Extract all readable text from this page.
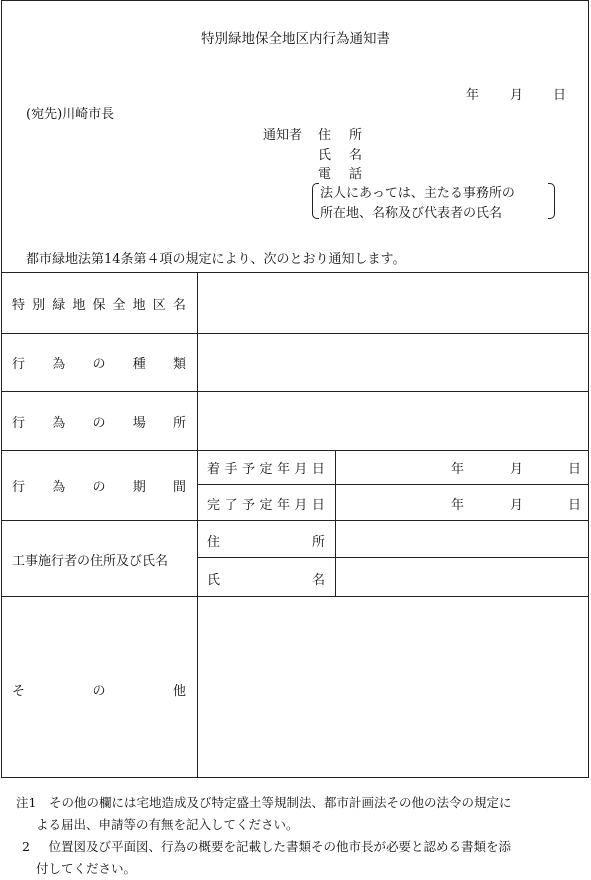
特別緑地保全地区内行為通知書
年 月 日
(宛先)川崎市長
通知者 住 所
氏 名
電 話
法人にあっては、主たる事務所の
所在地、名称及び代表者の氏名
都市緑地法第14条第４項の規定により、次のとおり通知します。
特 別 緑 地 保 全 地 区 名
行 為 の 種 類
行 為 の 場 所
行 為 の 期 間
着 手 予 定 年 月 日	年	月	日
完 了 予 定 年 月 日	年	月	日
工事施行者の住所及び氏名
住	所
氏	名
そ	の	他
注1　 その他の欄には宅地造成及び特定盛土等規制法、都市計画法その他の法令の規定に
よる届出、申請等の有無を記入してください。
2　 位置図及び平面図、行為の概要を記載した書類その他市長が必要と認める書類を添
付してください。
